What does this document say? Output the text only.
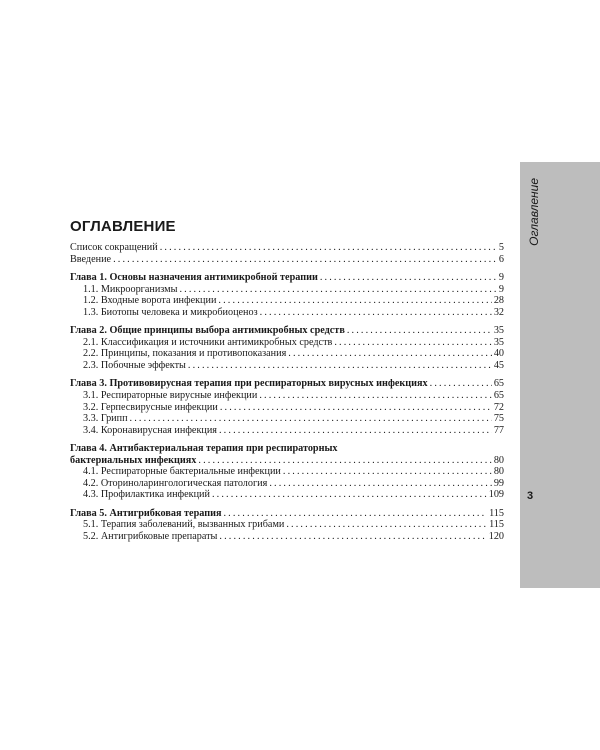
Оглавление
3
ОГЛАВЛЕНИЕ
Список сокращений . . .	5
Введение . . .	6
Глава 1. Основы назначения антимикробной терапии . . .	9
1.1. Микроорганизмы . . .	9
1.2. Входные ворота инфекции . . .	28
1.3. Биотопы человека и микробиоценоз . . .	32
Глава 2. Общие принципы выбора антимикробных средств . . .	35
2.1. Классификация и источники антимикробных средств . . .	35
2.2. Принципы, показания и противопоказания . . .	40
2.3. Побочные эффекты . . .	45
Глава 3. Противовирусная терапия при респираторных вирусных инфекциях . . .	65
3.1. Респираторные вирусные инфекции . . .	65
3.2. Герпесвирусные инфекции . . .	72
3.3. Грипп . . .	75
3.4. Коронавирусная инфекция . . .	77
Глава 4. Антибактериальная терапия при респираторных
бактериальных инфекциях . . .	80
4.1. Респираторные бактериальные инфекции . . .	80
4.2. Оториноларингологическая патология . . .	99
4.3. Профилактика инфекций . . .	109
Глава 5. Антигрибковая терапия . . .	115
5.1. Терапия заболеваний, вызванных грибами . . .	115
5.2. Антигрибковые препараты . . .	120
